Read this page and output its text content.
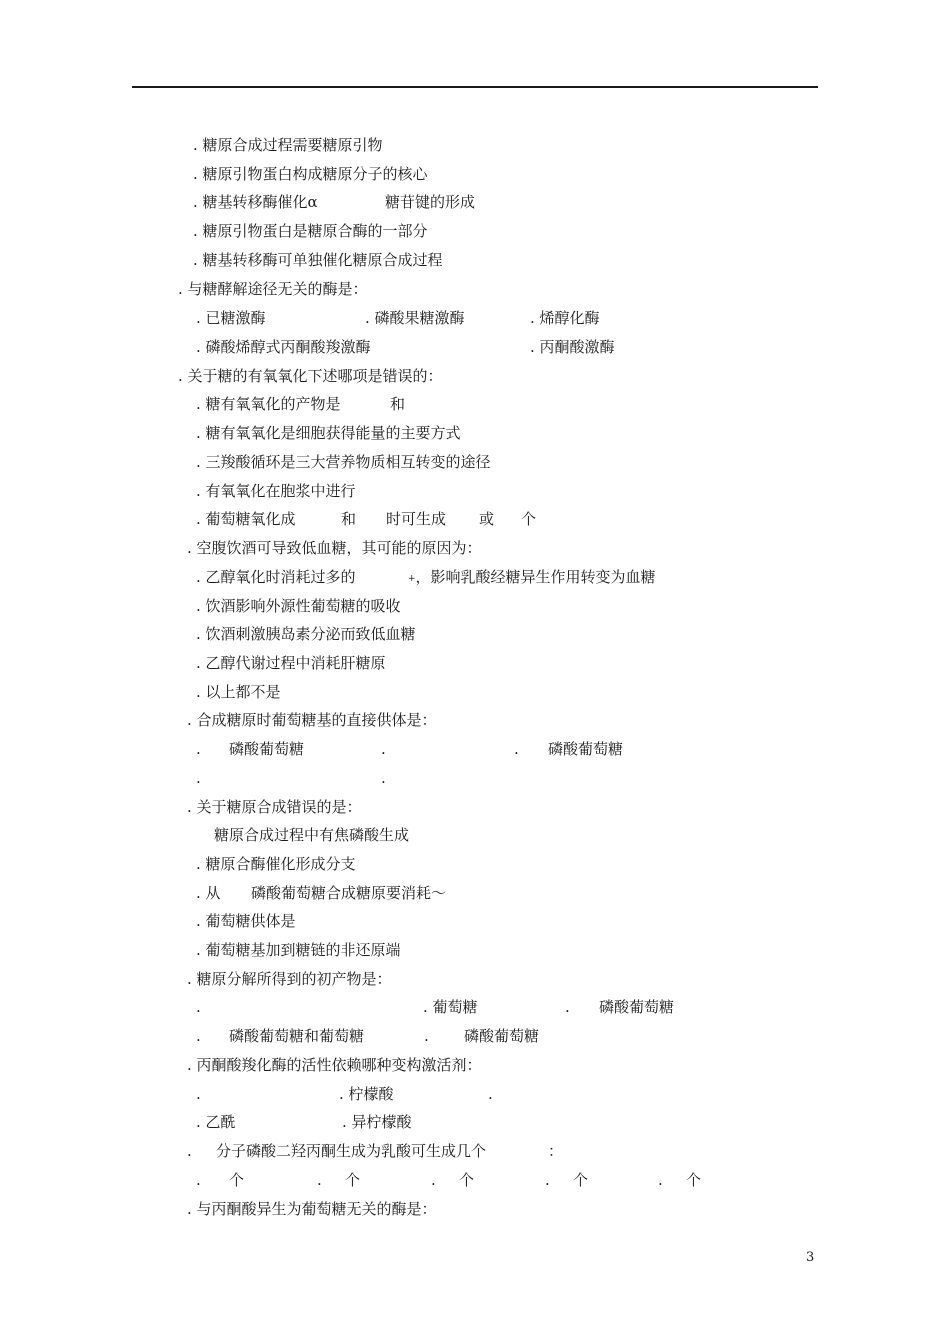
. 糖原合成过程需要糖原引物
. 糖原引物蛋白构成糖原分子的核心
. 糖基转移酶催化α	糖苷键的形成
. 糖原引物蛋白是糖原合酶的一部分
. 糖基转移酶可单独催化糖原合成过程
. 与糖酵解途径无关的酶是：
. 已糖激酶	. 磷酸果糖激酶	. 烯醇化酶
. 磷酸烯醇式丙酮酸羧激酶	. 丙酮酸激酶
. 关于糖的有氧氧化下述哪项是错误的：
. 糖有氧氧化的产物是	和
. 糖有氧氧化是细胞获得能量的主要方式
. 三羧酸循环是三大营养物质相互转变的途径
. 有氧氧化在胞浆中进行
. 葡萄糖氧化成	和 时可生成 或 个
. 空腹饮酒可导致低血糖，其可能的原因为：
. 乙醇氧化时消耗过多的	+，影响乳酸经糖异生作用转变为血糖
. 饮酒影响外源性葡萄糖的吸收
. 饮酒刺激胰岛素分泌而致低血糖
. 乙醇代谢过程中消耗肝糖原
. 以上都不是
. 合成糖原时葡萄糖基的直接供体是：
. 磷酸葡萄糖	.	. 磷酸葡萄糖
.	.
. 关于糖原合成错误的是：
糖原合成过程中有焦磷酸生成
. 糖原合酶催化形成分支
. 从 磷酸葡萄糖合成糖原要消耗～
. 葡萄糖供体是
. 葡萄糖基加到糖链的非还原端
. 糖原分解所得到的初产物是：
.	. 葡萄糖	. 磷酸葡萄糖
. 磷酸葡萄糖和葡萄糖	. 磷酸葡萄糖
. 丙酮酸羧化酶的活性依赖哪种变构激活剂：
.	. 柠檬酸	.
. 乙酰	. 异柠檬酸
. 分子磷酸二羟丙酮生成为乳酸可生成几个	：
. 个	. 个	. 个	. 个	. 个
. 与丙酮酸异生为葡萄糖无关的酶是：
3
